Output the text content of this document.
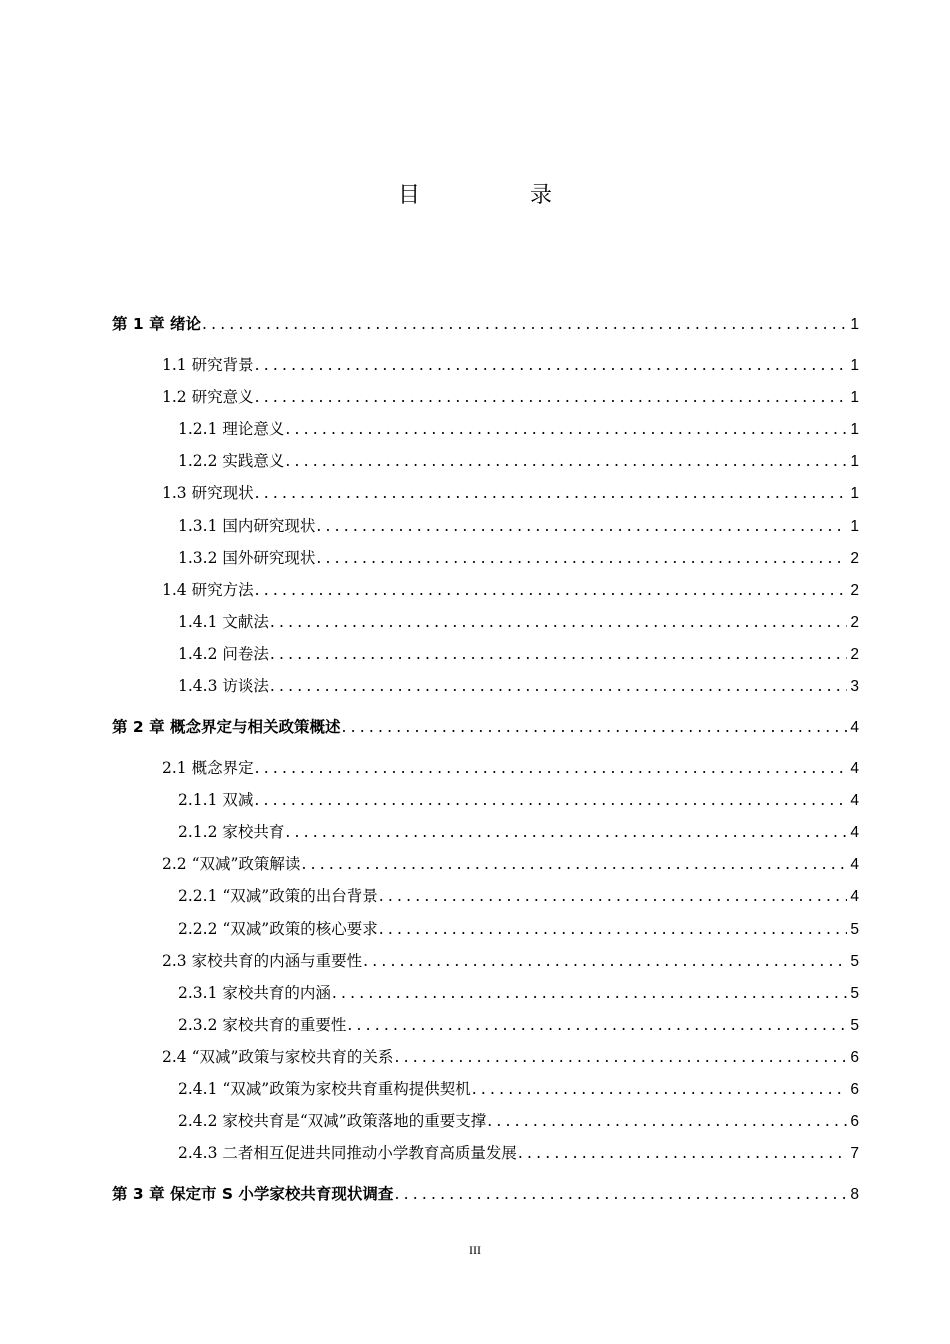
目　录
第 1 章 绪论 .....	1
1.1 研究背景 .....	1
1.2 研究意义 .....	1
1.2.1 理论意义 .....	1
1.2.2 实践意义 .....	1
1.3 研究现状 .....	1
1.3.1 国内研究现状 .....	1
1.3.2 国外研究现状 .....	2
1.4 研究方法 .....	2
1.4.1 文献法 .....	2
1.4.2 问卷法 .....	2
1.4.3 访谈法 .....	3
第 2 章 概念界定与相关政策概述 .....	4
2.1 概念界定 .....	4
2.1.1 双减 .....	4
2.1.2 家校共育 .....	4
2.2 “双减”政策解读 .....	4
2.2.1 “双减”政策的出台背景 .....	4
2.2.2 “双减”政策的核心要求 .....	5
2.3 家校共育的内涵与重要性 .....	5
2.3.1 家校共育的内涵 .....	5
2.3.2 家校共育的重要性 .....	5
2.4 “双减”政策与家校共育的关系 .....	6
2.4.1 “双减”政策为家校共育重构提供契机 .....	6
2.4.2 家校共育是“双减”政策落地的重要支撑 .....	6
2.4.3 二者相互促进共同推动小学教育高质量发展 .....	7
第 3 章 保定市 S 小学家校共育现状调查 .....	8
III
